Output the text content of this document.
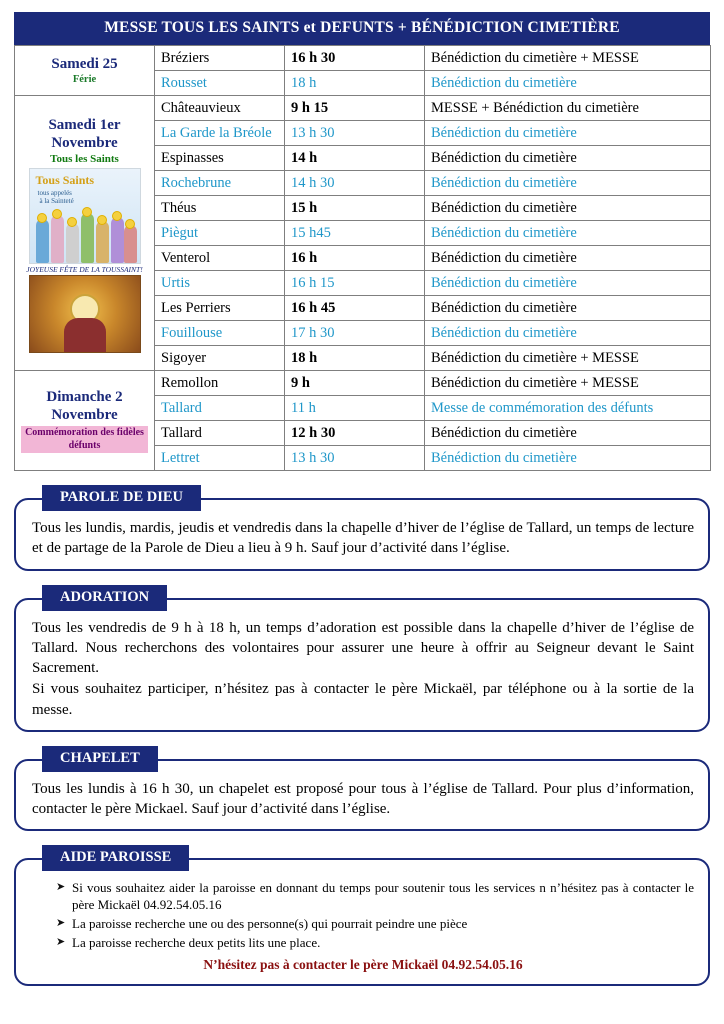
MESSE TOUS LES SAINTS et DEFUNTS + BÉNÉDICTION CIMETIÈRE
Samedi 25
Férie	Bréziers	16 h 30	Bénédiction du cimetière + MESSE
	Rousset	18 h	Bénédiction du cimetière

Samedi 1er
Novembre
Tous les Saints
Tous Saints
tous appelés
à la Sainteté
JOYEUSE FÊTE DE LA TOUSSAINT!
	Châteauvieux	9 h 15	MESSE + Bénédiction du cimetière
	La Garde la Bréole	13 h 30	Bénédiction du cimetière
	Espinasses	14 h	Bénédiction du cimetière
	Rochebrune	14 h 30	Bénédiction du cimetière
	Théus	15 h	Bénédiction du cimetière
	Piègut	15 h45	Bénédiction du cimetière
	Venterol	16 h	Bénédiction du cimetière
	Urtis	16 h 15	Bénédiction du cimetière
	Les Perriers	16 h 45	Bénédiction du cimetière
	Fouillouse	17 h 30	Bénédiction du cimetière
	Sigoyer	18 h	Bénédiction du cimetière + MESSE

Dimanche 2
Novembre
Commémoration des fidèles défunts	Remollon	9 h	Bénédiction du cimetière + MESSE
	Tallard	11 h	Messe de commémoration des défunts
	Tallard	12 h 30	Bénédiction du cimetière
	Lettret	13 h 30	Bénédiction du cimetière
PAROLE DE DIEU

Tous les lundis, mardis, jeudis et vendredis dans la chapelle d’hiver de l’église de Tallard, un temps de lecture et de partage de la Parole de Dieu a lieu à 9 h. Sauf jour d’activité dans l’église.

ADORATION

Tous les vendredis de 9 h à 18 h, un temps d’adoration est possible dans la chapelle d’hiver de l’église de Tallard. Nous recherchons des volontaires pour assurer une heure à offrir au Seigneur devant le Saint Sacrement.

Si vous souhaitez participer, n’hésitez pas à contacter le père Mickaël, par téléphone ou à la sortie de la messe.

CHAPELET

Tous les lundis à 16 h 30, un chapelet est proposé pour tous à l’église de Tallard. Pour plus d’information, contacter le père Mickael. Sauf jour d’activité dans l’église.

AIDE PAROISSE
➤ Si vous souhaitez aider la paroisse en donnant du temps pour soutenir tous les services n n’hésitez pas à contacter le père Mickaël 04.92.54.05.16
➤ La paroisse recherche une ou des personne(s) qui pourrait peindre une pièce
➤ La paroisse recherche deux petits lits une place.
N’hésitez pas à contacter le père Mickaël 04.92.54.05.16
